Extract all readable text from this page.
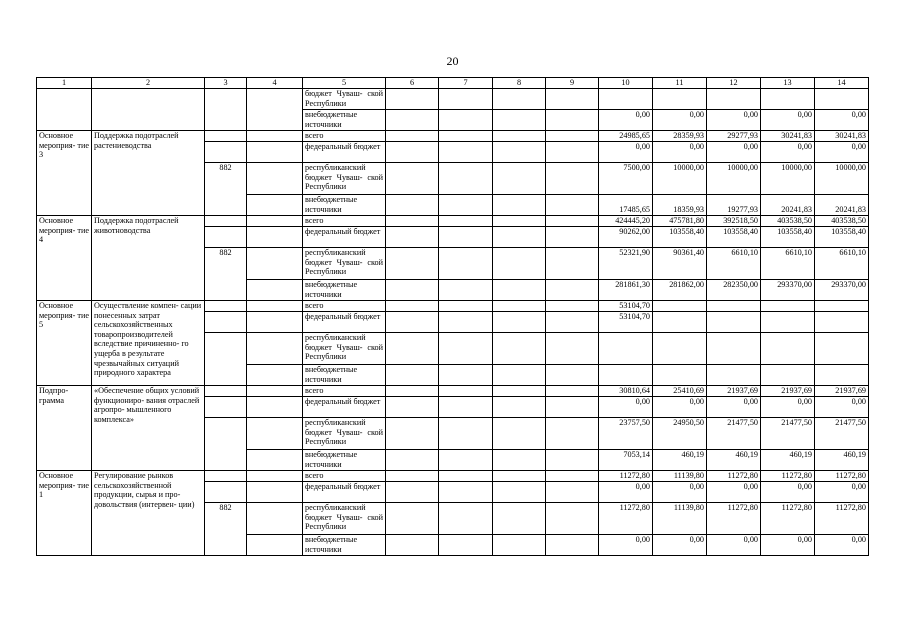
20
1	2	3	4	5	6	7	8	9	10	11	12	13	14
				бюджет Чуваш- ской Республики									
				внебюджетные источники					0,00	0,00	0,00	0,00	0,00
Основное мероприя- тие 3	Поддержка подотраслей растениеводства			всего					24985,65	28359,93	29277,93	30241,83	30241,83
				федеральный бюджет					0,00	0,00	0,00	0,00	0,00
		882		республиканский бюджет Чуваш- ской Республики					7500,00	10000,00	10000,00	10000,00	10000,00
				внебюджетные источники					17485,65	18359,93	19277,93	20241,83	20241,83
Основное мероприя- тие 4	Поддержка подотраслей животноводства			всего					424445,20	475781,80	392518,50	403538,50	403538,50
				федеральный бюджет					90262,00	103558,40	103558,40	103558,40	103558,40
		882		республиканский бюджет Чуваш- ской Республики					52321,90	90361,40	6610,10	6610,10	6610,10
				внебюджетные источники					281861,30	281862,00	282350,00	293370,00	293370,00
Основное мероприя- тие 5	Осуществление компен- сации понесенных затрат сельскохозяйственных товаропроизводителей вследствие причиненно- го ущерба в результате чрезвычайных ситуаций природного характера			всего					53104,70				
				федеральный бюджет					53104,70				
				республиканский бюджет Чуваш- ской Республики									
				внебюджетные источники									
Подпро- грамма	«Обеспечение общих условий функциониро- вания отраслей агропро- мышленного комплекса»			всего					30810,64	25410,69	21937,69	21937,69	21937,69
				федеральный бюджет					0,00	0,00	0,00	0,00	0,00
				республиканский бюджет Чуваш- ской Республики					23757,50	24950,50	21477,50	21477,50	21477,50
				внебюджетные источники					7053,14	460,19	460,19	460,19	460,19
Основное мероприя- тие 1	Регулирование рынков сельскохозяйственной продукции, сырья и про- довольствия (интервен- ции)			всего					11272,80	11139,80	11272,80	11272,80	11272,80
				федеральный бюджет					0,00	0,00	0,00	0,00	0,00
		882		республиканский бюджет Чуваш- ской Республики					11272,80	11139,80	11272,80	11272,80	11272,80
				внебюджетные источники					0,00	0,00	0,00	0,00	0,00
